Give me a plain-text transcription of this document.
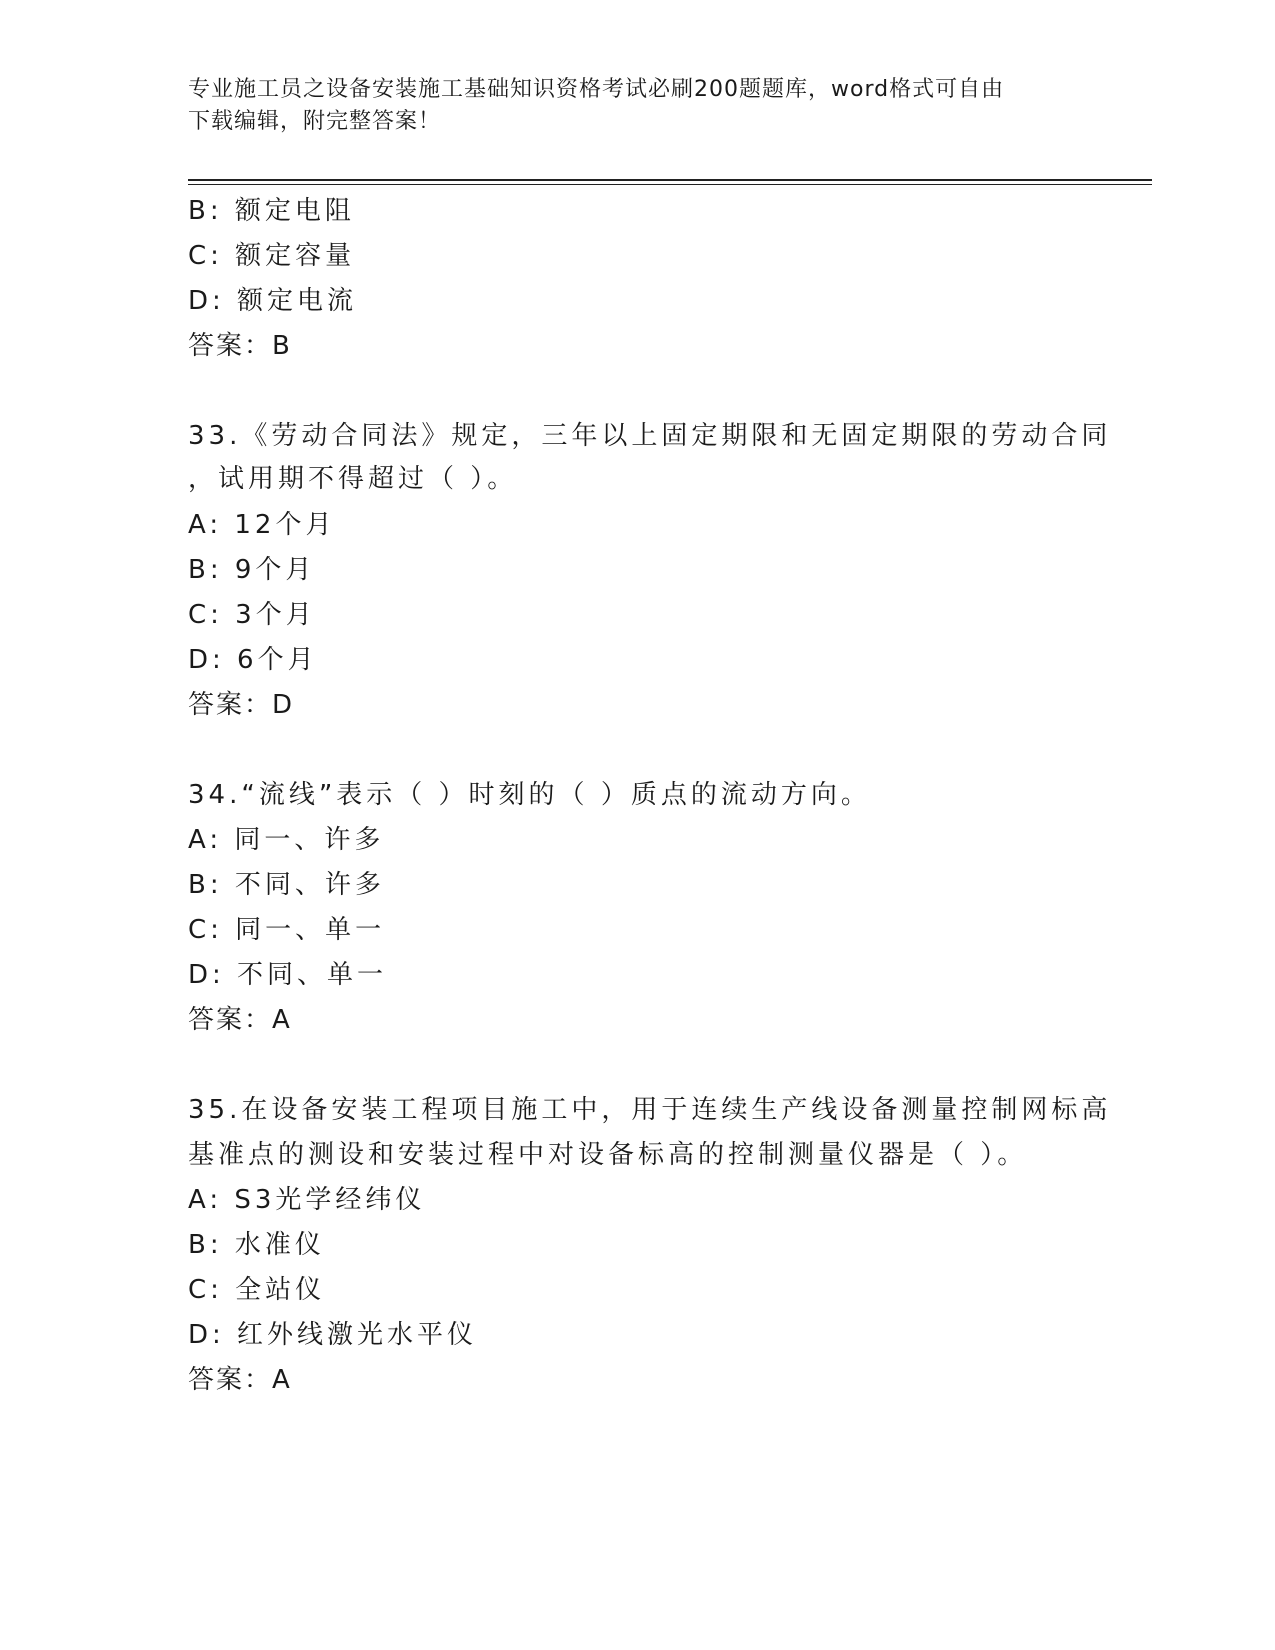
专业施工员之设备安装施工基础知识资格考试必刷200题题库，word格式可自由
下载编辑，附完整答案！
B: 额定电阻
C: 额定容量
D: 额定电流
答案：B
33.《劳动合同法》规定，三年以上固定期限和无固定期限的劳动合同
，试用期不得超过（ ）。
A: 12个月
B: 9个月
C: 3个月
D: 6个月
答案：D
34.“流线”表示（ ）时刻的（ ）质点的流动方向。
A: 同一、许多
B: 不同、许多
C: 同一、单一
D: 不同、单一
答案：A
35.在设备安装工程项目施工中，用于连续生产线设备测量控制网标高
基准点的测设和安装过程中对设备标高的控制测量仪器是（ ）。
A: S3光学经纬仪
B: 水准仪
C: 全站仪
D: 红外线激光水平仪
答案：A
